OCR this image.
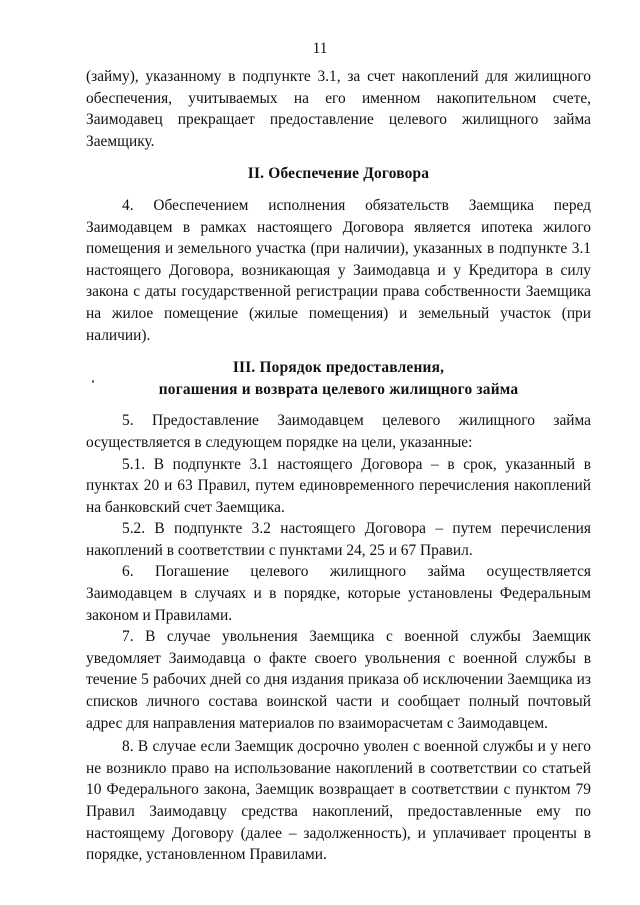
11

(займу), указанному в подпункте 3.1, за счет накоплений для жилищного обеспечения, учитываемых на его именном накопительном счете, Заимодавец прекращает предоставление целевого жилищного займа Заемщику.

II. Обеспечение Договора

4. Обеспечением исполнения обязательств Заемщика перед Заимодавцем в рамках настоящего Договора является ипотека жилого помещения и земельного участка (при наличии), указанных в подпункте 3.1 настоящего Договора, возникающая у Заимодавца и у Кредитора в силу закона с даты государственной регистрации права собственности Заемщика на жилое помещение (жилые помещения) и земельный участок (при наличии).

III. Порядок предоставления,
погашения и возврата целевого жилищного займа

5. Предоставление Заимодавцем целевого жилищного займа осуществляется в следующем порядке на цели, указанные:

5.1. В подпункте 3.1 настоящего Договора – в срок, указанный в пунктах 20 и 63 Правил, путем единовременного перечисления накоплений на банковский счет Заемщика.

5.2. В подпункте 3.2 настоящего Договора – путем перечисления накоплений в соответствии с пунктами 24, 25 и 67 Правил.

6. Погашение целевого жилищного займа осуществляется Заимодавцем в случаях и в порядке, которые установлены Федеральным законом и Правилами.

7. В случае увольнения Заемщика с военной службы Заемщик уведомляет Заимодавца о факте своего увольнения с военной службы в течение 5 рабочих дней со дня издания приказа об исключении Заемщика из списков личного состава воинской части и сообщает полный почтовый адрес для направления материалов по взаиморасчетам с Заимодавцем.

8. В случае если Заемщик досрочно уволен с военной службы и у него не возникло право на использование накоплений в соответствии со статьей 10 Федерального закона, Заемщик возвращает в соответствии с пунктом 79 Правил Заимодавцу средства накоплений, предоставленные ему по настоящему Договору (далее – задолженность), и уплачивает проценты в порядке, установленном Правилами.
